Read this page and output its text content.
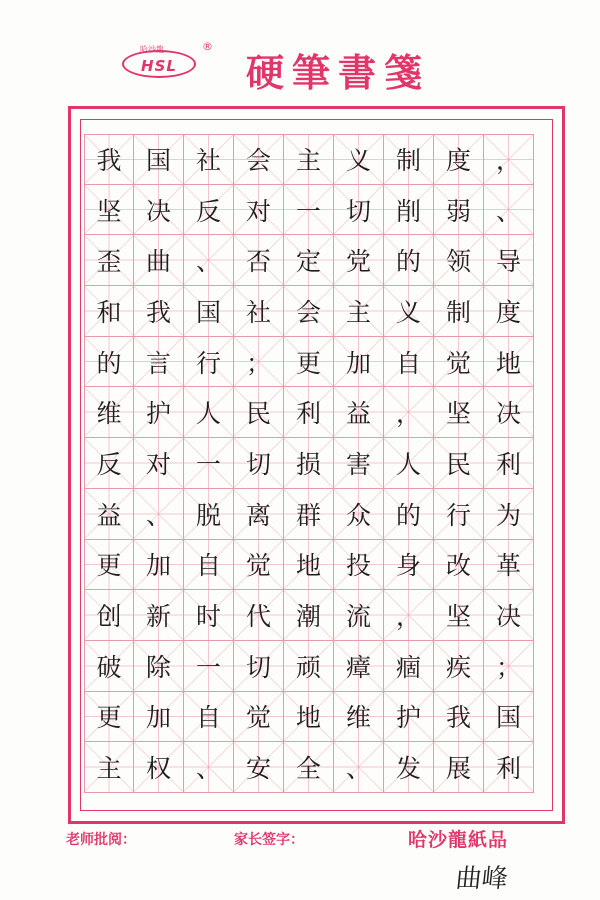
HSL
哈沙龍	®
硬筆書箋
我 国 社 会 主 义 制 度 ，
坚 决 反 对 一 切 削 弱 、
歪 曲 、 否 定 党 的 领 导
和 我 国 社 会 主 义 制 度
的 言 行 ； 更 加 自 觉 地
维 护 人 民 利 益 ， 坚 决
反 对 一 切 损 害 人 民 利
益 、 脱 离 群 众 的 行 为
更 加 自 觉 地 投 身 改 革
创 新 时 代 潮 流 ， 坚 决
破 除 一 切 顽 瘴 痼 疾 ；
更 加 自 觉 地 维 护 我 国
主 权 、 安 全 、 发 展 利
老师批阅：	家长签字：	哈沙龍紙品
曲峰
